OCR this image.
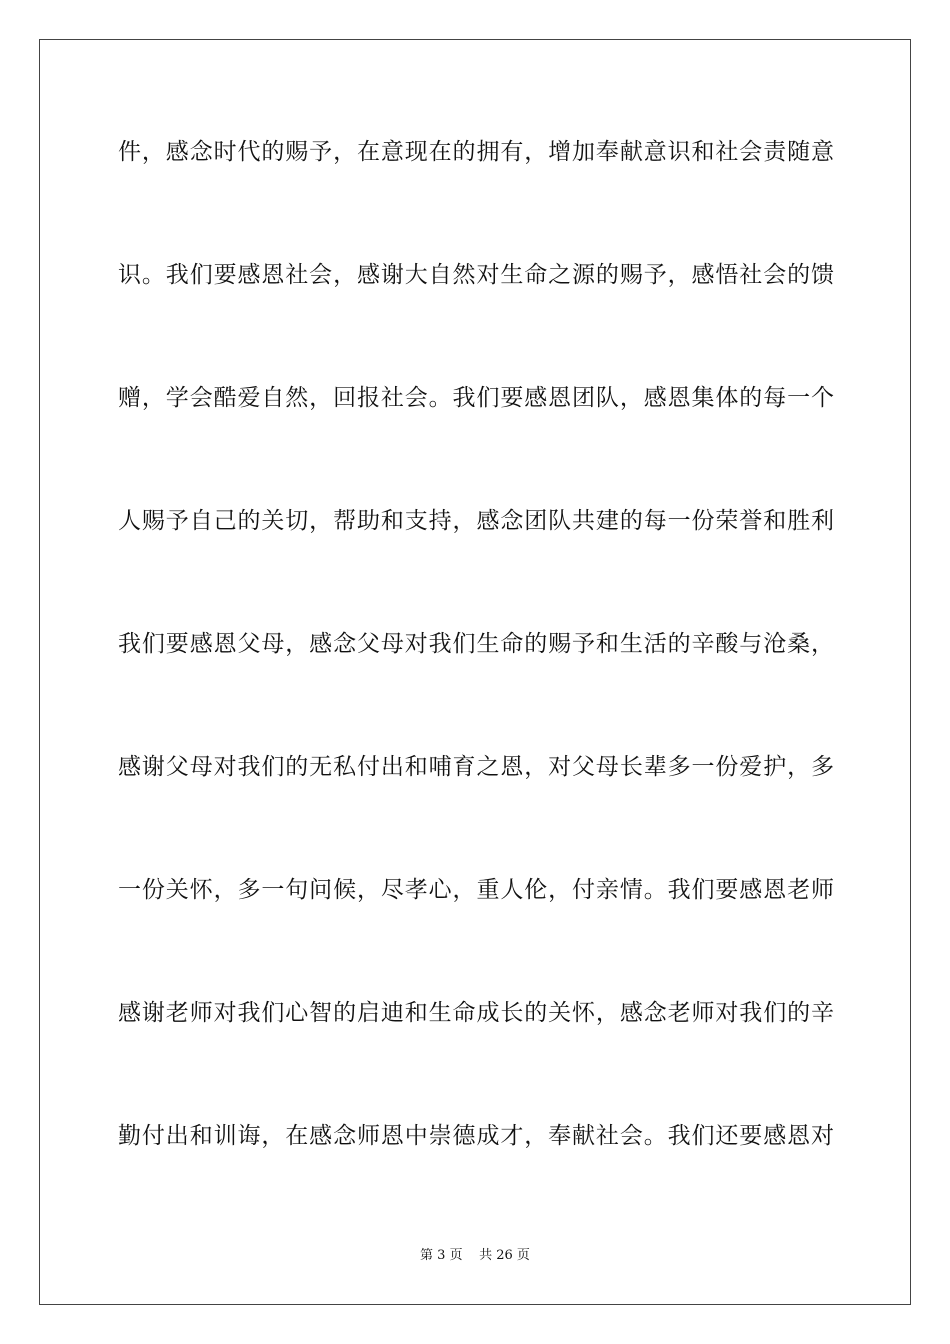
件，感念时代的赐予，在意现在的拥有，增加奉献意识和社会责随意
识。我们要感恩社会，感谢大自然对生命之源的赐予，感悟社会的馈
赠，学会酷爱自然，回报社会。我们要感恩团队，感恩集体的每一个
人赐予自己的关切，帮助和支持，感念团队共建的每一份荣誉和胜利
我们要感恩父母，感念父母对我们生命的赐予和生活的辛酸与沧桑，
感谢父母对我们的无私付出和哺育之恩，对父母长辈多一份爱护，多
一份关怀，多一句问候，尽孝心，重人伦，付亲情。我们要感恩老师
感谢老师对我们心智的启迪和生命成长的关怀，感念老师对我们的辛
勤付出和训诲，在感念师恩中崇德成才，奉献社会。我们还要感恩对
第 3 页 共 26 页
